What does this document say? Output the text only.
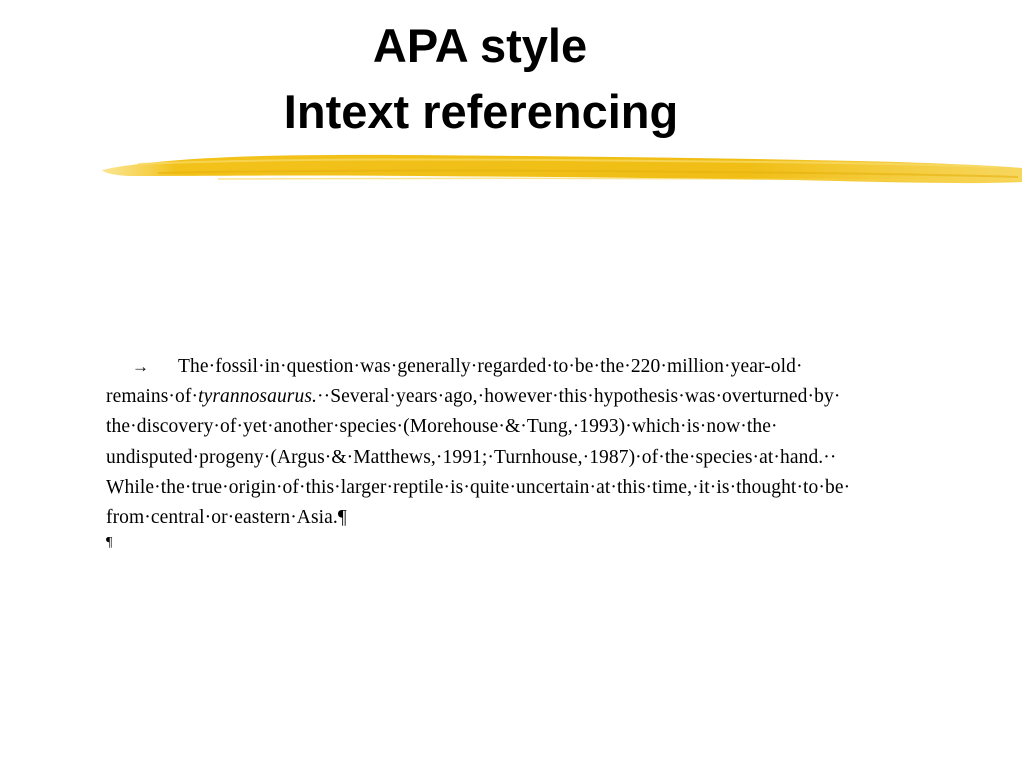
APA style
Intext referencing
→ The·fossil·in·question·was·generally·regarded·to·be·the·220·million·year-old·
remains·of·tyrannosaurus.··Several·years·ago,·however·this·hypothesis·was·overturned·by·
the·discovery·of·yet·another·species·(Morehouse·&·Tung,·1993)·which·is·now·the·
undisputed·progeny·(Argus·&·Matthews,·1991;·Turnhouse,·1987)·of·the·species·at·hand.··
While·the·true·origin·of·this·larger·reptile·is·quite·uncertain·at·this·time,·it·is·thought·to·be·
from·central·or·eastern·Asia.¶
¶
